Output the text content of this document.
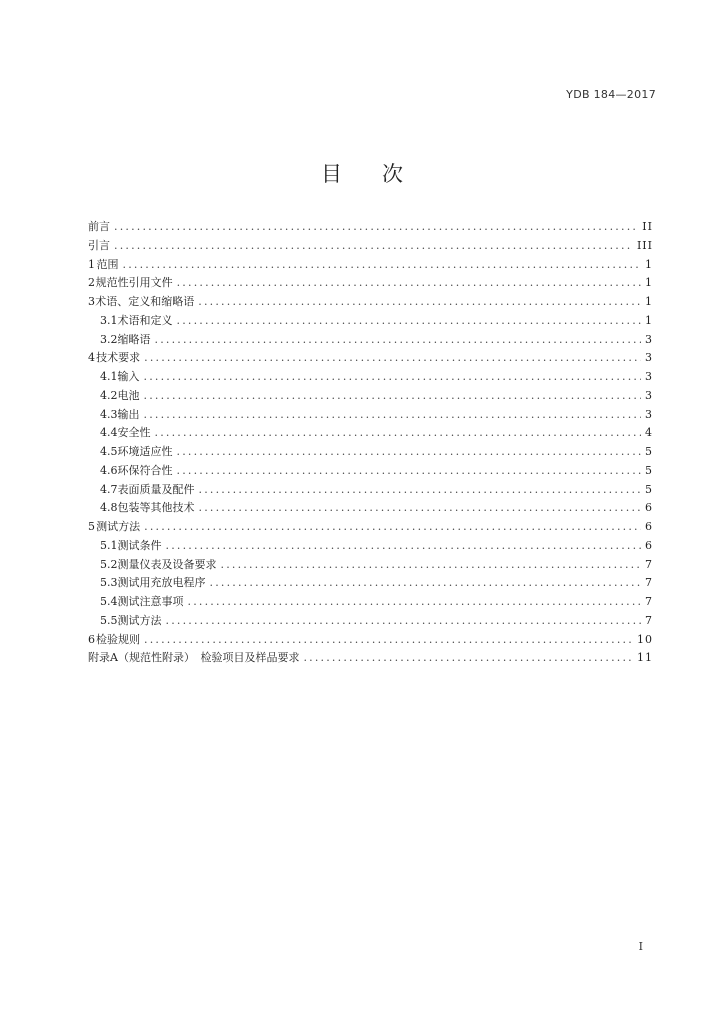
YDB 184—2017
目 次
前言 .....	II
引言 .....	III
1 范围 .....	1
2 规范性引用文件 .....	1
3 术语、定义和缩略语 .....	1
3.1 术语和定义 .....	1
3.2 缩略语 .....	3
4 技术要求 .....	3
4.1 输入 .....	3
4.2 电池 .....	3
4.3 输出 .....	3
4.4 安全性 .....	4
4.5 环境适应性 .....	5
4.6 环保符合性 .....	5
4.7 表面质量及配件 .....	5
4.8 包装等其他技术 .....	6
5 测试方法 .....	6
5.1 测试条件 .....	6
5.2 测量仪表及设备要求 .....	7
5.3 测试用充放电程序 .....	7
5.4 测试注意事项 .....	7
5.5 测试方法 .....	7
6 检验规则 .....	10
附录A（规范性附录）　检验项目及样品要求 .....	11
I
